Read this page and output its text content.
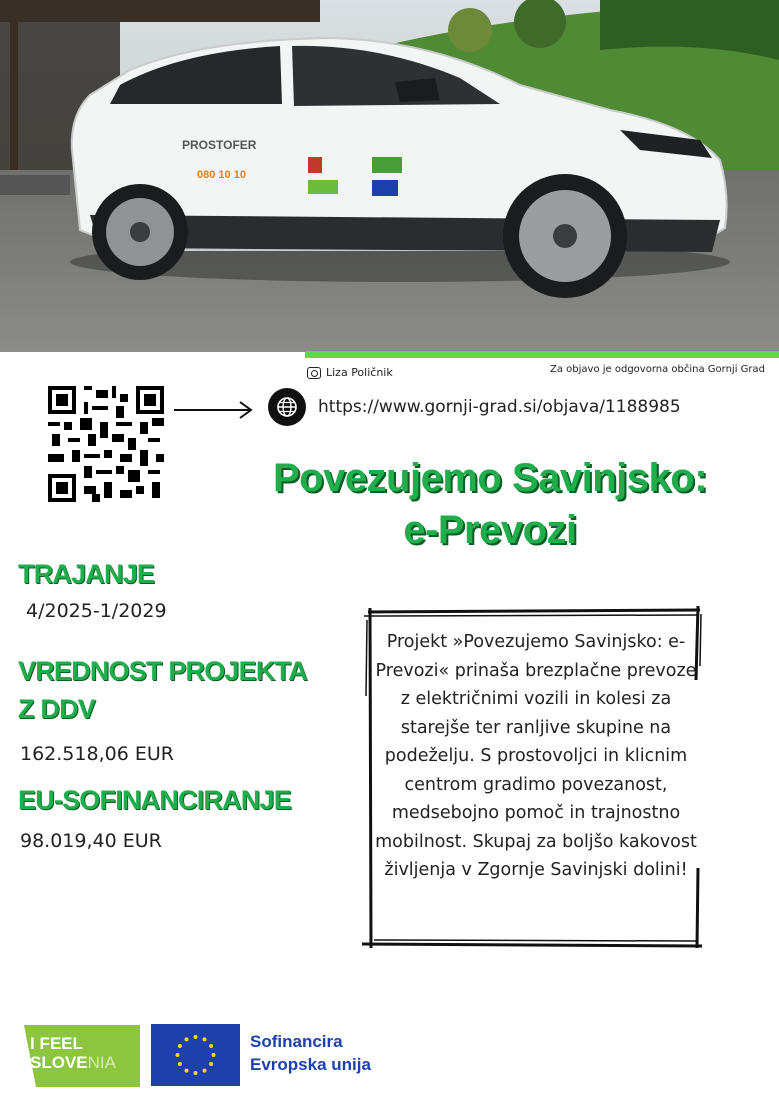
PROSTOFER
080 10 10
Liza Poličnik	Za objavo je odgovorna občina Gornji Grad
https://www.gornji-grad.si/objava/1188985
Povezujemo Savinjsko:
e-Prevozi
TRAJANJE
4/2025-1/2029
VREDNOST PROJEKTA
Z DDV
162.518,06 EUR
EU-SOFINANCIRANJE
98.019,40 EUR
Projekt »Povezujemo Savinjsko: e-Prevozi« prinaša brezplačne prevoze z električnimi vozili in kolesi za starejše ter ranljive skupine na podeželju. S prostovoljci in klicnim centrom gradimo povezanost, medsebojno pomoč in trajnostno mobilnost. Skupaj za boljšo kakovost življenja v Zgornje Savinjski dolini!
I FEEL
SLOVENIA
Sofinancira
Evropska unija
